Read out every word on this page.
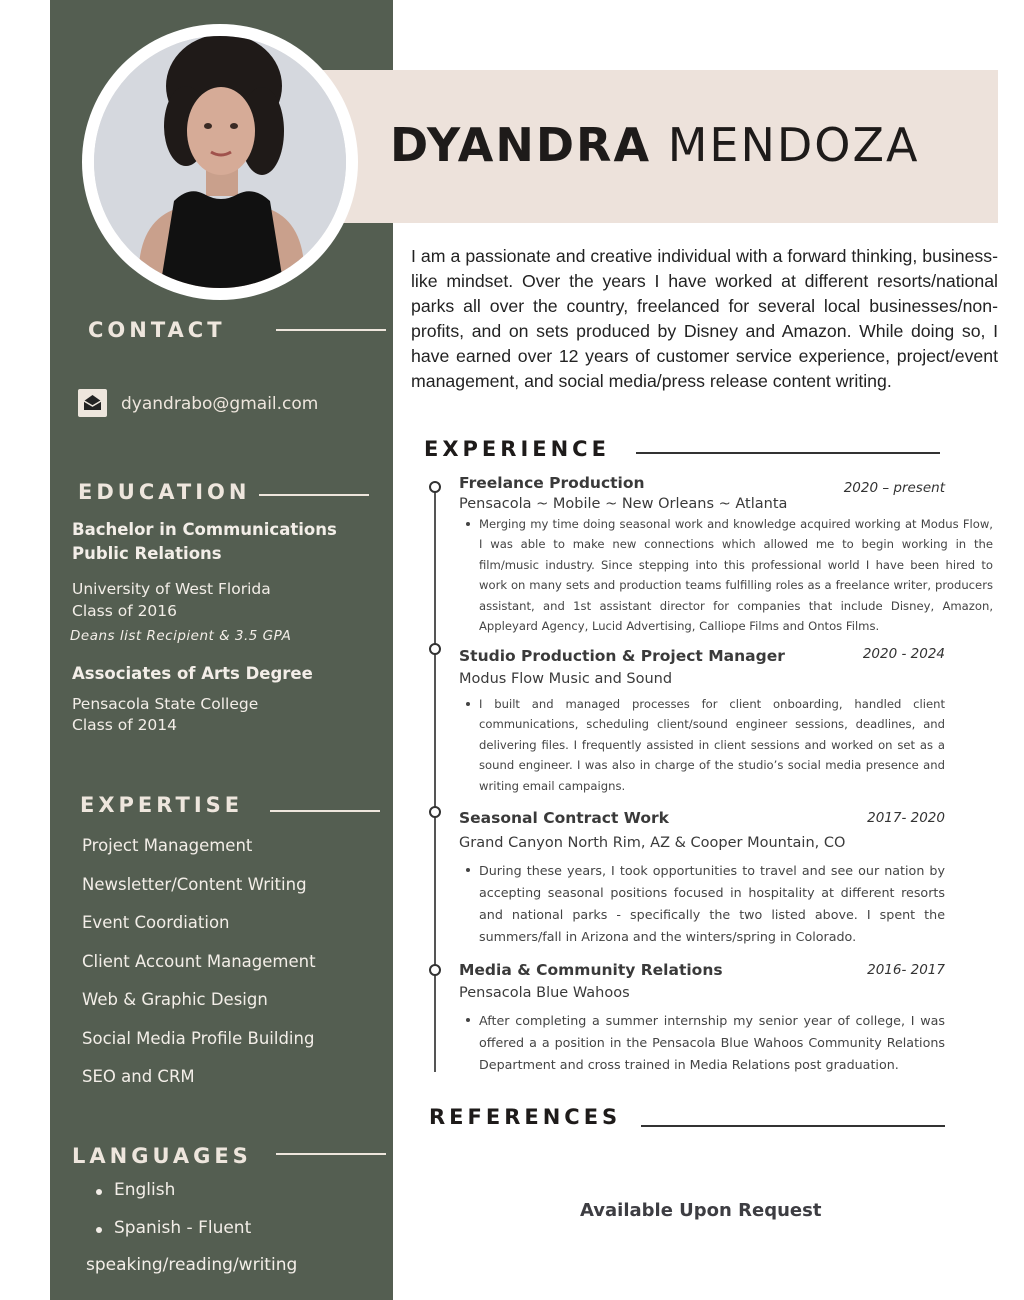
DYANDRA MENDOZA

I am a passionate and creative individual with a forward thinking, business-like mindset. Over the years I have worked at different resorts/national parks all over the country, freelanced for several local businesses/non-profits, and on sets produced by Disney and Amazon. While doing so, I have earned over 12 years of customer service experience, project/event management, and social media/press release content writing.

CONTACT
dyandrabo@gmail.com
EDUCATION
Bachelor in Communications
Public Relations
University of West Florida
Class of 2016
Deans list Recipient & 3.5 GPA
Associates of Arts Degree
Pensacola State College
Class of 2014
EXPERTISE
Project Management
Newsletter/Content Writing
Event Coordiation
Client Account Management
Web & Graphic Design
Social Media Profile Building
SEO and CRM
LANGUAGES
English
Spanish - Fluent
speaking/reading/writing
EXPERIENCE
Freelance Production	2020 – present
Pensacola ~ Mobile ~ New Orleans ~ Atlanta

Merging my time doing seasonal work and knowledge acquired working at Modus Flow, I was able to make new connections which allowed me to begin working in the film/music industry. Since stepping into this professional world I have been hired to work on many sets and production teams fulfilling roles as a freelance writer, producers assistant, and 1st assistant director for companies that include Disney, Amazon, Appleyard Agency, Lucid Advertising, Calliope Films and Ontos Films.

Studio Production & Project Manager	2020 - 2024
Modus Flow Music and Sound

I built and managed processes for client onboarding, handled client communications, scheduling client/sound engineer sessions, deadlines, and delivering files. I frequently assisted in client sessions and worked on set as a sound engineer. I was also in charge of the studio’s social media presence and writing email campaigns.

Seasonal Contract Work	2017- 2020
Grand Canyon North Rim, AZ & Cooper Mountain, CO

During these years, I took opportunities to travel and see our nation by accepting seasonal positions focused in hospitality at different resorts and national parks - specifically the two listed above. I spent the summers/fall in Arizona and the winters/spring in Colorado.

Media & Community Relations	2016- 2017
Pensacola Blue Wahoos

After completing a summer internship my senior year of college, I was offered a a position in the Pensacola Blue Wahoos Community Relations Department and cross trained in Media Relations post graduation.

REFERENCES
Available Upon Request
